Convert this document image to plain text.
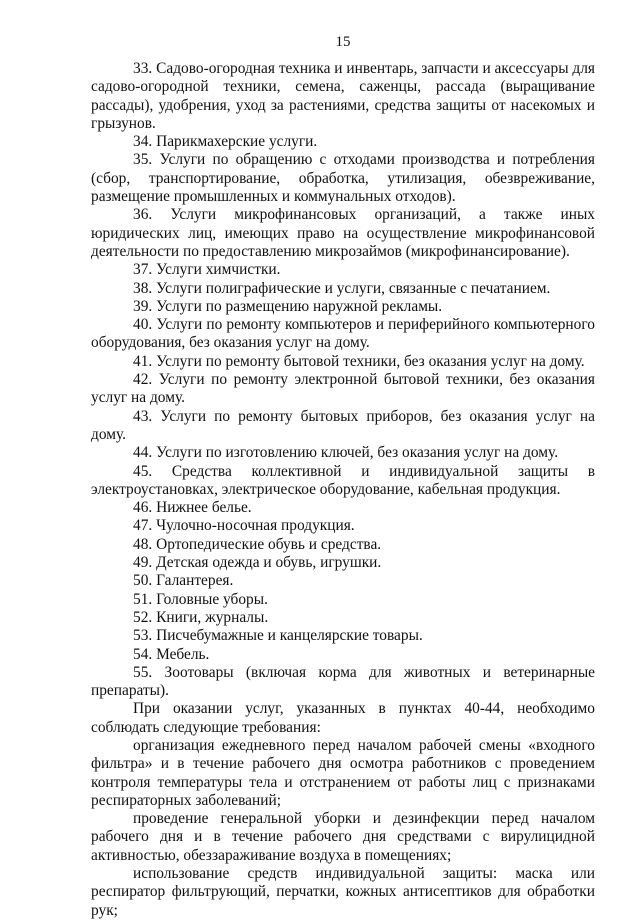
15

33. Садово-огородная техника и инвентарь, запчасти и аксессуары для садово-огородной техники, семена, саженцы, рассада (выращивание рассады), удобрения, уход за растениями, средства защиты от насекомых и грызунов.

34. Парикмахерские услуги.

35. Услуги по обращению с отходами производства и потребления (сбор, транспортирование, обработка, утилизация, обезвреживание, размещение промышленных и коммунальных отходов).

36. Услуги микрофинансовых организаций, а также иных юридических лиц, имеющих право на осуществление микрофинансовой деятельности по предоставлению микрозаймов (микрофинансирование).

37. Услуги химчистки.

38. Услуги полиграфические и услуги, связанные с печатанием.

39. Услуги по размещению наружной рекламы.

40. Услуги по ремонту компьютеров и периферийного компьютерного оборудования, без оказания услуг на дому.

41. Услуги по ремонту бытовой техники, без оказания услуг на дому.

42. Услуги по ремонту электронной бытовой техники, без оказания услуг на дому.

43. Услуги по ремонту бытовых приборов, без оказания услуг на дому.

44. Услуги по изготовлению ключей, без оказания услуг на дому.

45. Средства коллективной и индивидуальной защиты в электроустановках, электрическое оборудование, кабельная продукция.

46. Нижнее белье.

47. Чулочно-носочная продукция.

48. Ортопедические обувь и средства.

49. Детская одежда и обувь, игрушки.

50. Галантерея.

51. Головные уборы.

52. Книги, журналы.

53. Писчебумажные и канцелярские товары.

54. Мебель.

55. Зоотовары (включая корма для животных и ветеринарные препараты).

При оказании услуг, указанных в пунктах 40-44, необходимо соблюдать следующие требования:

организация ежедневного перед началом рабочей смены «входного фильтра» и в течение рабочего дня осмотра работников с проведением контроля температуры тела и отстранением от работы лиц с признаками респираторных заболеваний;

проведение генеральной уборки и дезинфекции перед началом рабочего дня и в течение рабочего дня средствами с вирулицидной активностью, обеззараживание воздуха в помещениях;

использование средств индивидуальной защиты: маска или респиратор фильтрующий, перчатки, кожных антисептиков для обработки рук;
